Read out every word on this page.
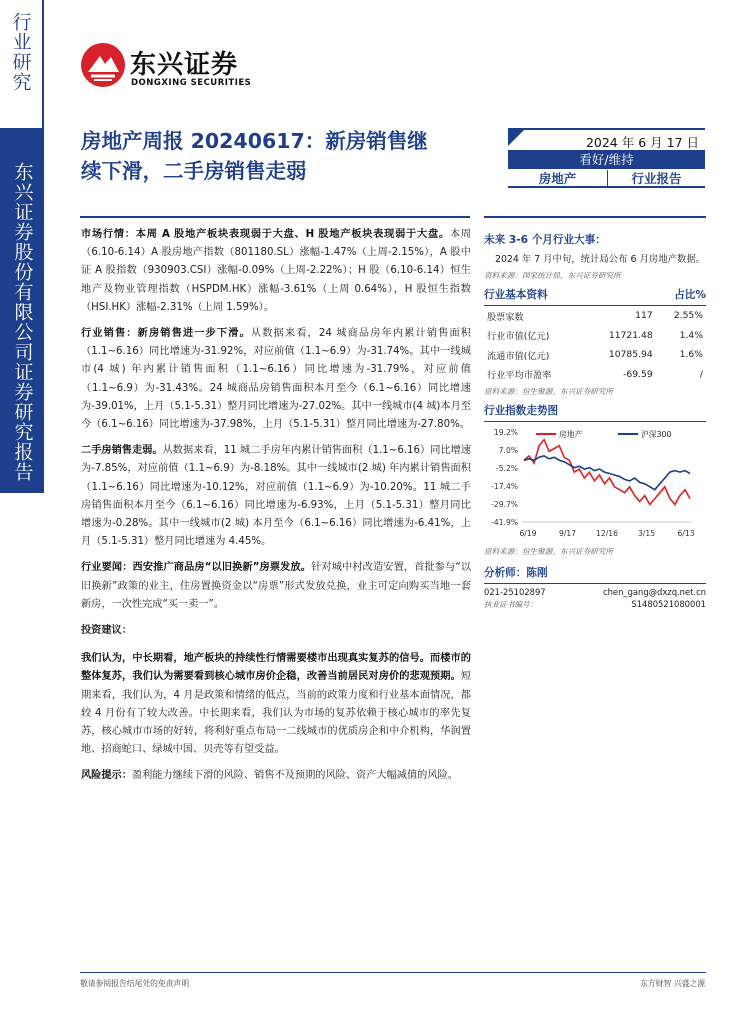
行业研究
东兴证券股份有限公司证券研究报告
东兴证券
DONGXING SECURITIES
房地产周报 20240617：新房销售继
续下滑，二手房销售走弱
2024 年 6 月 17 日
看好/维持
房地产	行业报告

市场行情：本周 A 股地产板块表现弱于大盘、H 股地产板块表现弱于大盘。本周（6.10-6.14）A 股房地产指数（801180.SL）涨幅-1.47%（上周-2.15%），A 股中证 A 股指数（930903.CSI）涨幅-0.09%（上周-2.22%）；H 股（6.10-6.14）恒生地产及物业管理指数（HSPDM.HK）涨幅-3.61%（上周 0.64%），H 股恒生指数（HSI.HK）涨幅-2.31%（上周 1.59%）。

行业销售：新房销售进一步下滑。从数据来看，24 城商品房年内累计销售面积（1.1~6.16）同比增速为-31.92%，对应前值（1.1~6.9）为-31.74%。其中一线城市(4 城) 年内累计销售面积（1.1~6.16）同比增速为-31.79%，对应前值（1.1~6.9）为-31.43%。24 城商品房销售面积本月至今（6.1~6.16）同比增速为-39.01%，上月（5.1-5.31）整月同比增速为-27.02%。其中一线城市(4 城)本月至今（6.1~6.16）同比增速为-37.98%，上月（5.1-5.31）整月同比增速为-27.80%。

二手房销售走弱。从数据来看，11 城二手房年内累计销售面积（1.1~6.16）同比增速为-7.85%，对应前值（1.1~6.9）为-8.18%。其中一线城市(2 城) 年内累计销售面积（1.1~6.16）同比增速为-10.12%，对应前值（1.1~6.9）为-10.20%。11 城二手房销售面积本月至今（6.1~6.16）同比增速为-6.93%，上月（5.1-5.31）整月同比增速为-0.28%。其中一线城市(2 城) 本月至今（6.1~6.16）同比增速为-6.41%，上月（5.1-5.31）整月同比增速为 4.45%。

行业要闻：西安推广商品房“以旧换新”房票发放。针对城中村改造安置，首批参与“以旧换新”政策的业主，住房置换资金以“房票”形式发放兑换，业主可定向购买当地一套新房，一次性完成“买一卖一”。

投资建议：

我们认为，中长期看，地产板块的持续性行情需要楼市出现真实复苏的信号。而楼市的整体复苏，我们认为需要看到核心城市房价企稳，改善当前居民对房价的悲观预期。短期来看，我们认为，4 月是政策和情绪的低点，当前的政策力度和行业基本面情况，都较 4 月份有了较大改善。中长期来看，我们认为市场的复苏依赖于核心城市的率先复苏，核心城市市场的好转，将利好重点布局一二线城市的优质房企和中介机构，华润置地、招商蛇口、绿城中国、贝壳等有望受益。

风险提示：盈利能力继续下滑的风险、销售不及预期的风险、资产大幅减值的风险。

未来 3-6 个月行业大事：
2024 年 7 月中旬，统计局公布 6 月房地产数据。
资料来源：国家统计局、东兴证券研究所
行业基本资料	占比%
股票家数	117	2.55%
行业市值(亿元)	11721.48	1.4%
流通市值(亿元)	10785.94	1.6%
行业平均市盈率	-69.59	/
资料来源：恒生聚源、东兴证券研究所
行业指数走势图
19.2%
7.0%
-5.2%
-17.4%
-29.7%
-41.9%
6/19	9/17	12/16	3/15	6/13
房地产	沪深300
资料来源：恒生聚源、东兴证券研究所
分析师：陈刚
021-25102897	chen_gang@dxzq.net.cn
执业证书编号：	S1480521080001
敬请参阅报告结尾处的免责声明	东方财智 兴盛之源
